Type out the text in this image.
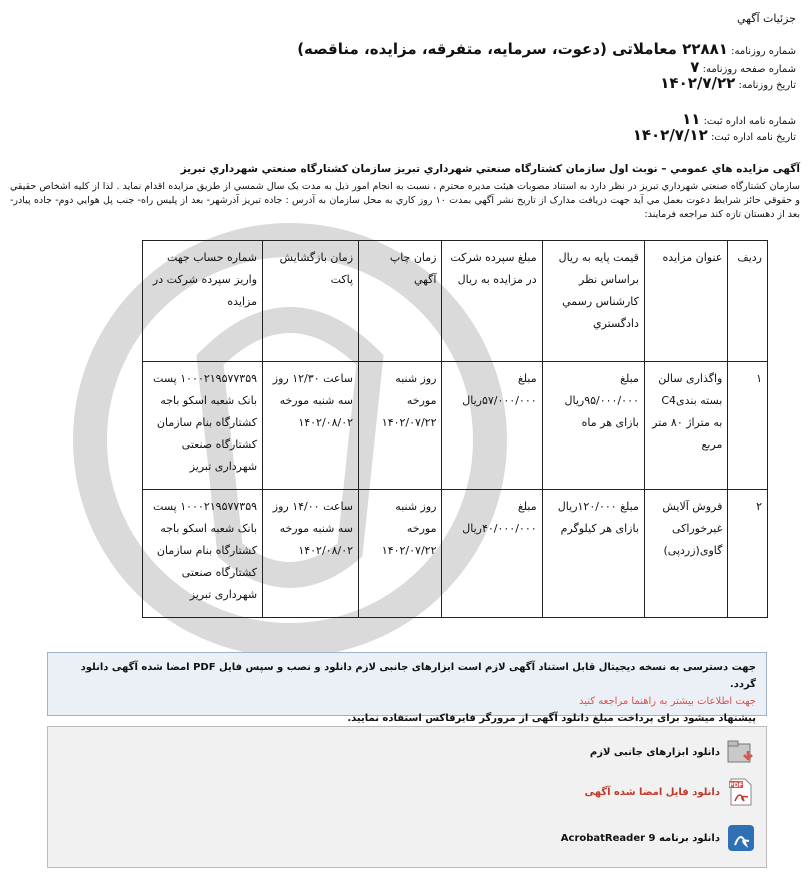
جزئيات آگهي
شماره روزنامه: ۲۲۸۸۱ معاملاتی (دعوت، سرمایه، متفرقه، مزایده، مناقصه)
شماره صفحه روزنامه: ۷
تاريخ روزنامه: ۱۴۰۲/۷/۲۲
شماره نامه اداره ثبت: ۱۱
تاريخ نامه اداره ثبت: ۱۴۰۲/۷/۱۲
آگهی مزایده هاي عمومي – نوبت اول سازمان کشتارگاه صنعتي شهرداري تبريز سازمان کشتارگاه صنعتي شهرداري تبريز
سازمان کشتارگاه صنعتي شهرداري تبريز در نظر دارد به استناد مصوبات هيئت مديره محترم ، نسبت به انجام امور ذيل به مدت يک سال شمسي از طريق مزايده اقدام نمايد . لذا از کليه اشخاص حقيقي و حقوقي حائز شرايط دعوت بعمل مي آيد جهت دريافت مدارک از تاريخ نشر آگهي بمدت ۱۰ روز کاري به محل سازمان به آدرس : جاده تبريز آذرشهر- بعد از پليس راه- جنب پل هوايي دوم- جاده پيادر- بعد از دهستان تازه کند مراجعه فرمايند:
رديف	عنوان مزايده	قيمت پايه به ريال براساس نظر کارشناس رسمي دادگستري	مبلغ سپرده شرکت در مزايده به ريال	زمان چاپ آگهي	زمان بازگشايش پاکت	شماره حساب جهت واريز سپرده شرکت در مزايده
۱	واگذاری سالن بسته بندیC4 به متراژ ۸۰ متر مربع	مبلغ ۹۵/۰۰۰/۰۰۰ریال بازای هر ماه	مبلغ ۵۷/۰۰۰/۰۰۰ریال	روز شنبه مورخه ۱۴۰۲/۰۷/۲۲	ساعت ۱۲/۳۰ روز سه شنبه مورخه ۱۴۰۲/۰۸/۰۲	۱۰۰۰۲۱۹۵۷۷۳۵۹ پست بانک شعبه اسکو باجه کشتارگاه بنام سازمان کشتارگاه صنعتی شهرداری تبریز
۲	فروش آلایش غیرخوراکی گاوی(زردپی)	مبلغ ۱۲۰/۰۰۰ریال بازای هر کیلوگرم	مبلغ ۴۰/۰۰۰/۰۰۰ریال	روز شنبه مورخه ۱۴۰۲/۰۷/۲۲	ساعت ۱۴/۰۰ روز سه شنبه مورخه ۱۴۰۲/۰۸/۰۲	۱۰۰۰۲۱۹۵۷۷۳۵۹ پست بانک شعبه اسکو باجه کشتارگاه بنام سازمان کشتارگاه صنعتی شهرداری تبریز
جهت دسترسی به نسخه ديجيتال قابل استناد آگهی لازم است ابزارهای جانبی لازم دانلود و نصب و سپس فايل PDF امضا شده آگهی دانلود گردد.
جهت اطلاعات بيشتر به راهنما مراجعه کنيد
پيشنهاد ميشود برای پرداخت مبلغ دانلود آگهی از مرورگر فايرفاکس استفاده نماييد.
دانلود ابزارهای جانبی لازم
PDF
دانلود فايل امضا شده آگهی
دانلود برنامه AcrobatReader 9
